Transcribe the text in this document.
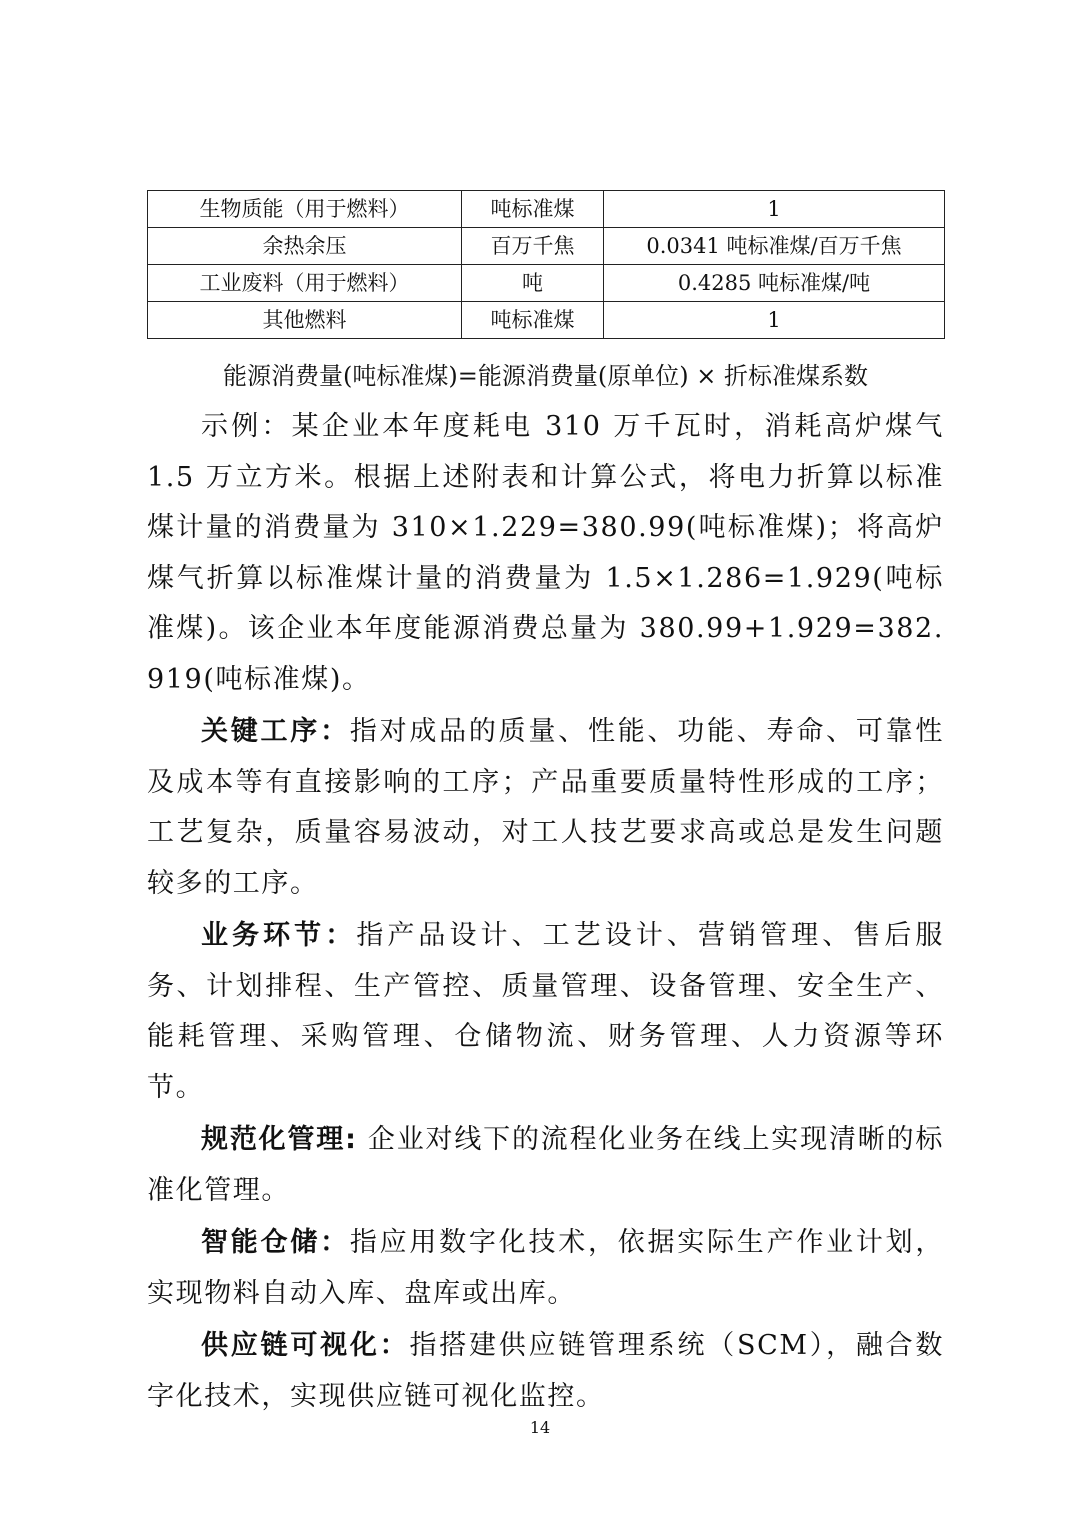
生物质能（用于燃料）	吨标准煤	1
余热余压	百万千焦	0.0341 吨标准煤/百万千焦
工业废料（用于燃料）	吨	0.4285 吨标准煤/吨
其他燃料	吨标准煤	1
能源消费量(吨标准煤)=能源消费量(原单位) × 折标准煤系数

示例：某企业本年度耗电 310 万千瓦时，消耗高炉煤气 1.5 万立方米。根据上述附表和计算公式，将电力折算以标准煤计量的消费量为 310×1.229=380.99(吨标准煤)；将高炉煤气折算以标准煤计量的消费量为 1.5×1.286=1.929(吨标准煤)。该企业本年度能源消费总量为 380.99+1.929=382.919(吨标准煤)。

关键工序：指对成品的质量、性能、功能、寿命、可靠性及成本等有直接影响的工序；产品重要质量特性形成的工序；工艺复杂，质量容易波动，对工人技艺要求高或总是发生问题较多的工序。

业务环节：指产品设计、工艺设计、营销管理、售后服务、计划排程、生产管控、质量管理、设备管理、安全生产、能耗管理、采购管理、仓储物流、财务管理、人力资源等环节。

规范化管理: 企业对线下的流程化业务在线上实现清晰的标准化管理。

智能仓储：指应用数字化技术，依据实际生产作业计划，实现物料自动入库、盘库或出库。

供应链可视化：指搭建供应链管理系统（SCM），融合数字化技术，实现供应链可视化监控。

14
